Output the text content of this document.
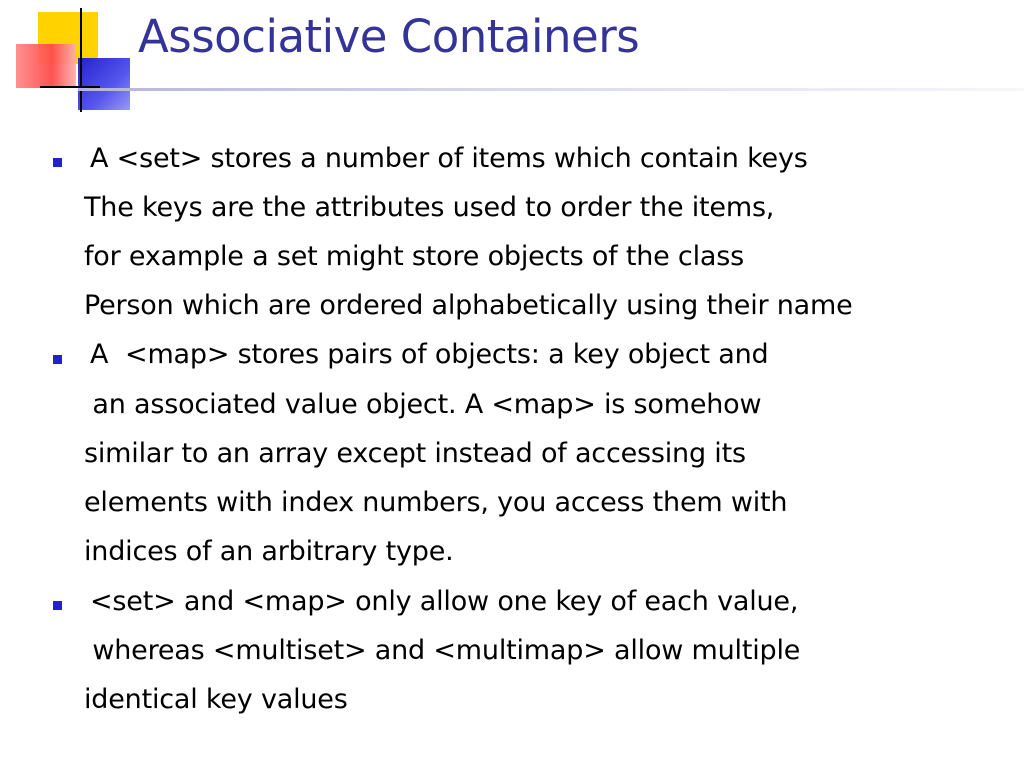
Associative Containers
A <set> stores a number of items which contain keys
The keys are the attributes used to order the items,
for example a set might store objects of the class
Person which are ordered alphabetically using their name
A  <map> stores pairs of objects: a key object and
an associated value object. A <map> is somehow
similar to an array except instead of accessing its
elements with index numbers, you access them with
indices of an arbitrary type.
<set> and <map> only allow one key of each value,
whereas <multiset> and <multimap> allow multiple
identical key values
